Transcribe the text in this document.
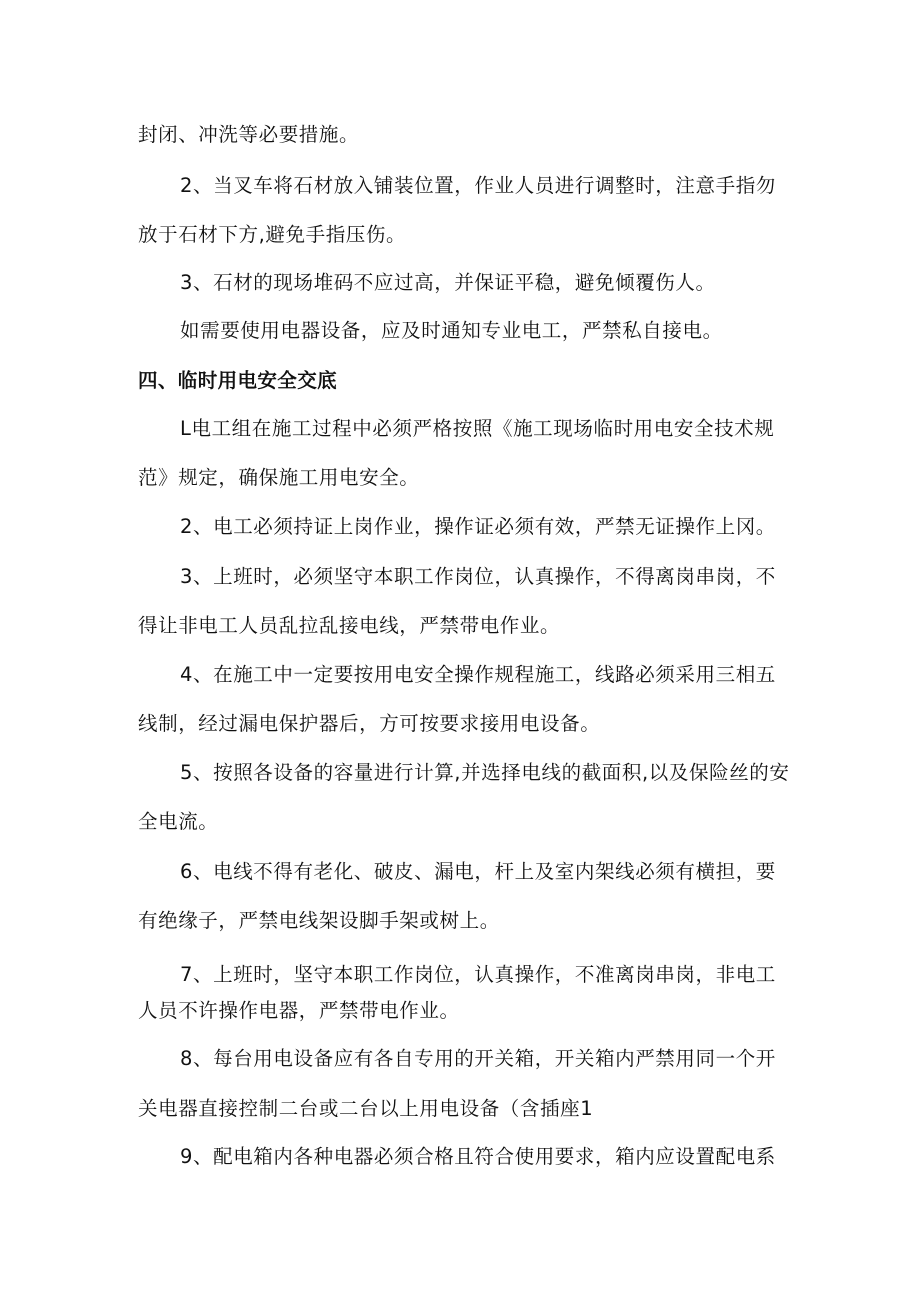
封闭、冲洗等必要措施。
2、当叉车将石材放入铺装位置，作业人员进行调整时，注意手指勿
放于石材下方,避免手指压伤。
3、石材的现场堆码不应过高，并保证平稳，避免倾覆伤人。
如需要使用电器设备，应及时通知专业电工，严禁私自接电。
四、临时用电安全交底
L电工组在施工过程中必须严格按照《施工现场临时用电安全技术规
范》规定，确保施工用电安全。
2、电工必须持证上岗作业，操作证必须有效，严禁无证操作上冈。
3、上班时，必须坚守本职工作岗位，认真操作，不得离岗串岗，不
得让非电工人员乱拉乱接电线，严禁带电作业。
4、在施工中一定要按用电安全操作规程施工，线路必须采用三相五
线制，经过漏电保护器后，方可按要求接用电设备。
5、按照各设备的容量进行计算,并选择电线的截面积,以及保险丝的安
全电流。
6、电线不得有老化、破皮、漏电，杆上及室内架线必须有横担，要
有绝缘子，严禁电线架设脚手架或树上。
7、上班时，坚守本职工作岗位，认真操作，不准离岗串岗，非电工
人员不许操作电器，严禁带电作业。
8、每台用电设备应有各自专用的开关箱，开关箱内严禁用同一个开
关电器直接控制二台或二台以上用电设备（含插座1
9、配电箱内各种电器必须合格且符合使用要求，箱内应设置配电系
